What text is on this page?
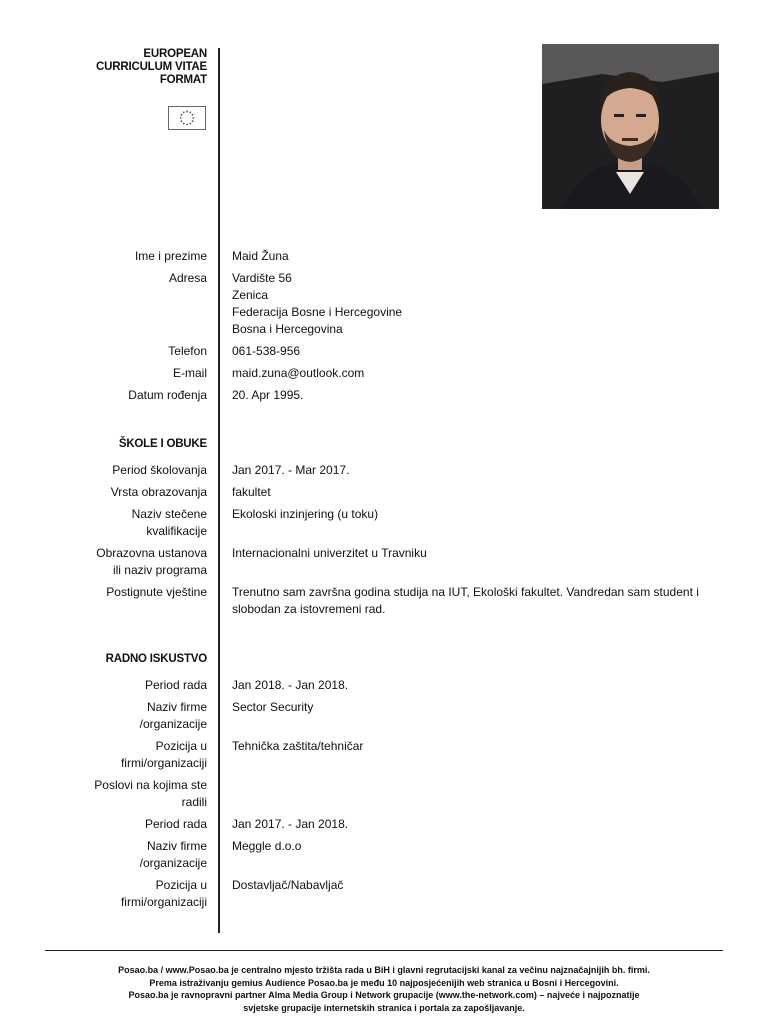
EUROPEAN
CURRICULUM VITAE
FORMAT
Ime i prezime Maid Žuna
Adresa Vardište 56
Zenica
Federacija Bosne i Hercegovine
Bosna i Hercegovina
Telefon 061-538-956
E-mail maid.zuna@outlook.com
Datum rođenja 20. Apr 1995.
ŠKOLE I OBUKE
Period školovanja Jan 2017. - Mar 2017.
Vrsta obrazovanja fakultet
Naziv stečene
kvalifikacije
Ekoloski inzinjering (u toku)
Obrazovna ustanova
ili naziv programa
Internacionalni univerzitet u Travniku
Postignute vještine Trenutno sam završna godina studija na IUT, Ekološki fakultet. Vandredan sam student i
slobodan za istovremeni rad.
RADNO ISKUSTVO
Period rada Jan 2018. - Jan 2018.
Naziv firme
/organizacije
Sector Security
Pozicija u
firmi/organizaciji
Tehnička zaštita/tehničar
Poslovi na kojima ste
radili
Period rada Jan 2017. - Jan 2018.
Naziv firme
/organizacije
Meggle d.o.o
Pozicija u
firmi/organizaciji
Dostavljač/Nabavljač
Posao.ba / www.Posao.ba je centralno mjesto tržišta rada u BiH i glavni regrutacijski kanal za večinu najznačajnijih bh. firmi.
Prema istraživanju gemius Audience Posao.ba je među 10 najposjećenijih web stranica u Bosni i Hercegovini.
Posao.ba je ravnopravni partner Alma Media Group i Network grupacije (www.the-network.com) – najveće i najpoznatije
svjetske grupacije internetskih stranica i portala za zapošljavanje.
